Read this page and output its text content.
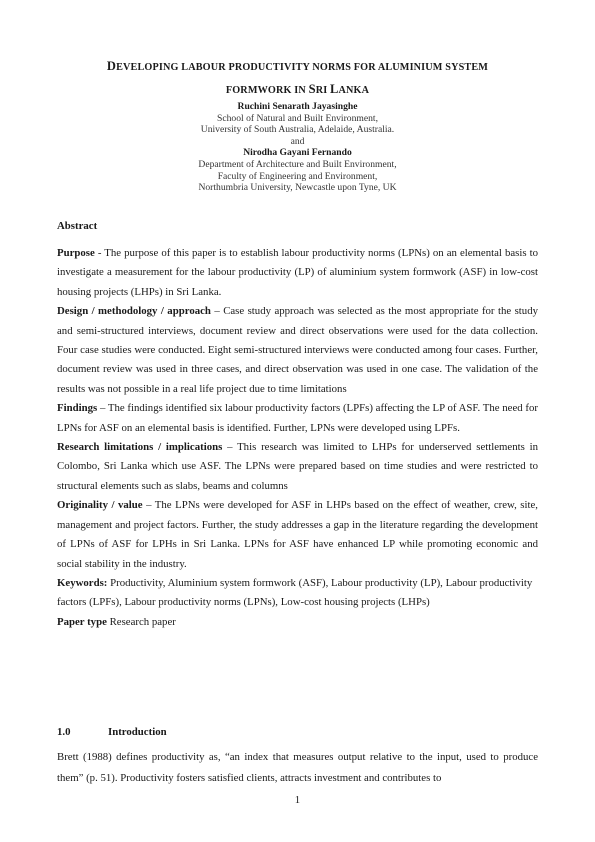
DEVELOPING LABOUR PRODUCTIVITY NORMS FOR ALUMINIUM SYSTEM
FORMWORK IN SRI LANKA
Ruchini Senarath Jayasinghe
School of Natural and Built Environment,
University of South Australia, Adelaide, Australia.
and
Nirodha Gayani Fernando
Department of Architecture and Built Environment,
Faculty of Engineering and Environment,
Northumbria University, Newcastle upon Tyne, UK
Abstract

Purpose - The purpose of this paper is to establish labour productivity norms (LPNs) on an elemental basis to investigate a measurement for the labour productivity (LP) of aluminium system formwork (ASF) in low-cost housing projects (LHPs) in Sri Lanka.

Design / methodology / approach – Case study approach was selected as the most appropriate for the study and semi-structured interviews, document review and direct observations were used for the data collection. Four case studies were conducted. Eight semi-structured interviews were conducted among four cases. Further, document review was used in three cases, and direct observation was used in one case. The validation of the results was not possible in a real life project due to time limitations

Findings – The findings identified six labour productivity factors (LPFs) affecting the LP of ASF. The need for LPNs for ASF on an elemental basis is identified. Further, LPNs were developed using LPFs.

Research limitations / implications – This research was limited to LHPs for underserved settlements in Colombo, Sri Lanka which use ASF. The LPNs were prepared based on time studies and were restricted to structural elements such as slabs, beams and columns

Originality / value – The LPNs were developed for ASF in LHPs based on the effect of weather, crew, site, management and project factors. Further, the study addresses a gap in the literature regarding the development of LPNs of ASF for LPHs in Sri Lanka. LPNs for ASF have enhanced LP while promoting economic and social stability in the industry.

Keywords: Productivity, Aluminium system formwork (ASF), Labour productivity (LP), Labour productivity factors (LPFs), Labour productivity norms (LPNs), Low-cost housing projects (LHPs)

Paper type Research paper

1.0	Introduction

Brett (1988) defines productivity as, “an index that measures output relative to the input, used to produce them” (p. 51). Productivity fosters satisfied clients, attracts investment and contributes to

1
